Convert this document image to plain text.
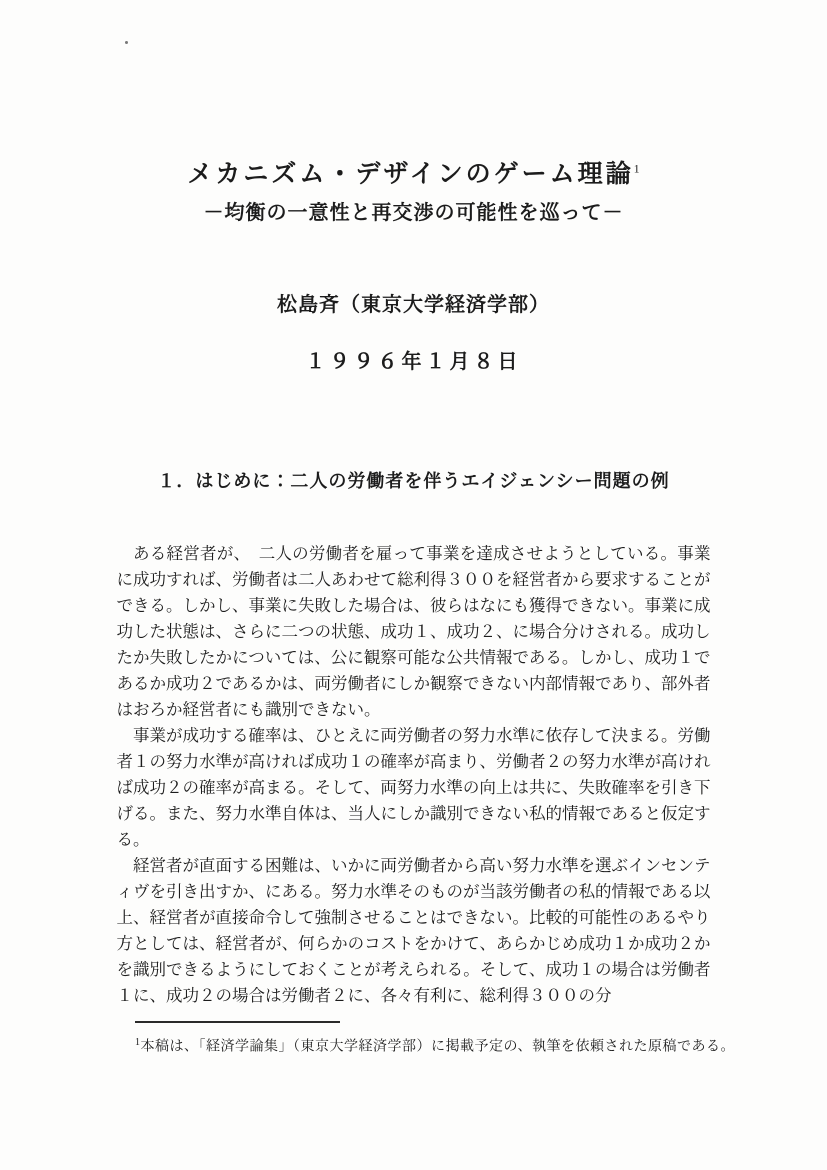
メカニズム・デザインのゲーム理論$^1$
－均衡の一意性と再交渉の可能性を巡って－
松島斉（東京大学経済学部）
１９９６年１月８日
１．はじめに：二人の労働者を伴うエイジェンシー問題の例

ある経営者が、　二人の労働者を雇って事業を達成させようとしている。事業に成功すれば、労働者は二人あわせて総利得３００を経営者から要求することができる。しかし、事業に失敗した場合は、彼らはなにも獲得できない。事業に成功した状態は、さらに二つの状態、成功１、成功２、に場合分けされる。成功したか失敗したかについては、公に観察可能な公共情報である。しかし、成功１であるか成功２であるかは、両労働者にしか観察できない内部情報であり、部外者はおろか経営者にも識別できない。

事業が成功する確率は、ひとえに両労働者の努力水準に依存して決まる。労働者１の努力水準が高ければ成功１の確率が高まり、労働者２の努力水準が高ければ成功２の確率が高まる。そして、両努力水準の向上は共に、失敗確率を引き下げる。また、努力水準自体は、当人にしか識別できない私的情報であると仮定する。

経営者が直面する困難は、いかに両労働者から高い努力水準を選ぶインセンティヴを引き出すか、にある。努力水準そのものが当該労働者の私的情報である以上、経営者が直接命令して強制させることはできない。比較的可能性のあるやり方としては、経営者が、何らかのコストをかけて、あらかじめ成功１か成功２かを識別できるようにしておくことが考えられる。そして、成功１の場合は労働者１に、成功２の場合は労働者２に、各々有利に、総利得３００の分

$^1$本稿は、「経済学論集」（東京大学経済学部）に掲載予定の、執筆を依頼された原稿である。
